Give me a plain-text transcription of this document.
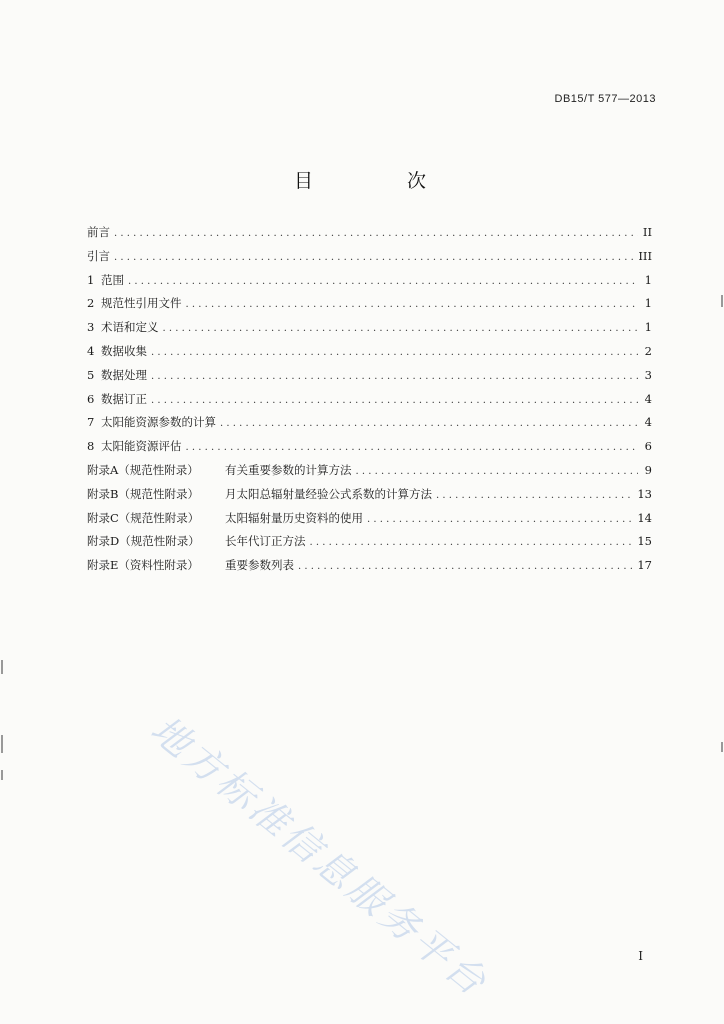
DB15/T 577—2013
目 次
前言 .....	II
引言 .....	III
1 范围 .....	1
2 规范性引用文件 .....	1
3 术语和定义 .....	1
4 数据收集 .....	2
5 数据处理 .....	3
6 数据订正 .....	4
7 太阳能资源参数的计算 .....	4
8 太阳能资源评估 .....	6
附录A（规范性附录）	有关重要参数的计算方法 .....	9
附录B（规范性附录）	月太阳总辐射量经验公式系数的计算方法 .....	13
附录C（规范性附录）	太阳辐射量历史资料的使用 .....	14
附录D（规范性附录）	长年代订正方法 .....	15
附录E（资料性附录）	重要参数列表 .....	17
I
地方标准信息服务平台
